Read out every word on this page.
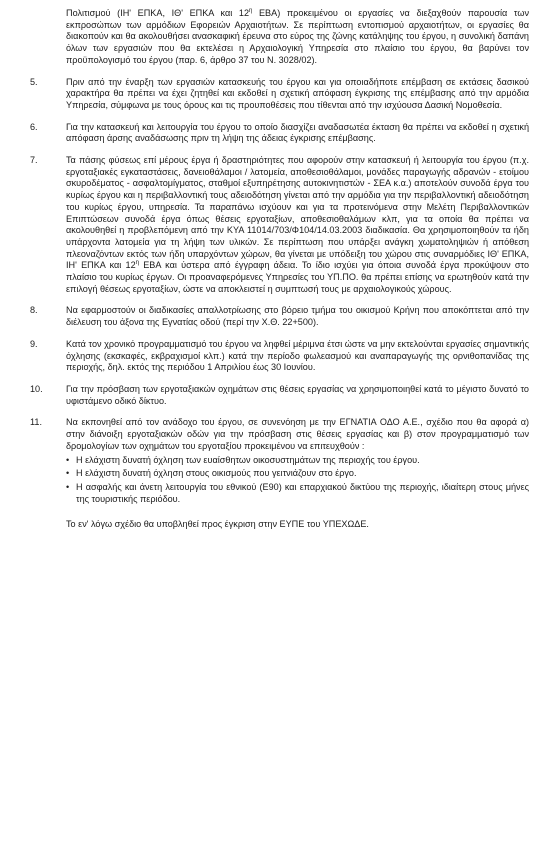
Πολιτισμού (ΙΗ' ΕΠΚΑ, ΙΘ' ΕΠΚΑ και $12^\eta$ ΕΒΑ) προκειμένου οι εργασίες να διεξαχθούν παρουσία των εκπροσώπων των αρμόδιων Εφορειών Αρχαιοτήτων. Σε περίπτωση εντοπισμού αρχαιοτήτων, οι εργασίες θα διακοπούν και θα ακολουθήσει ανασκαφική έρευνα στο εύρος της ζώνης κατάληψης του έργου, η συνολική δαπάνη όλων των εργασιών που θα εκτελέσει η Αρχαιολογική Υπηρεσία στο πλαίσιο του έργου, θα βαρύνει τον προϋπολογισμό του έργου (παρ. 6, άρθρο 37 του Ν. 3028/02).

5.	Πριν από την έναρξη των εργασιών κατασκευής του έργου και για οποιαδήποτε επέμβαση σε εκτάσεις δασικού χαρακτήρα θα πρέπει να έχει ζητηθεί και εκδοθεί η σχετική απόφαση έγκρισης της επέμβασης από την αρμόδια Υπηρεσία, σύμφωνα με τους όρους και τις προυποθέσεις που τίθενται από την ισχύουσα Δασική Νομοθεσία.

6.	Για την κατασκευή και λειτουργία του έργου το οποίο διασχίζει αναδασωτέα έκταση θα πρέπει να εκδοθεί η σχετική απόφαση άρσης αναδάσωσης πριν τη λήψη της άδειας έγκρισης επέμβασης.

7.	Τα πάσης φύσεως επί μέρους έργα ή δραστηριότητες που αφορούν στην κατασκευή ή λειτουργία του έργου (π.χ. εργοταξιακές εγκαταστάσεις, δανειοθάλαμοι / λατομεία, αποθεσιοθάλαμοι, μονάδες παραγωγής αδρανών - ετοίμου σκυροδέματος - ασφαλτομίγματος, σταθμοί εξυπηρέτησης αυτοκινητιστών - ΣΕΑ κ.α.) αποτελούν συνοδά έργα του κυρίως έργου και η περιβαλλοντική τους αδειοδότηση γίνεται από την αρμόδια για την περιβαλλοντική αδειοδότηση του κυρίως έργου, υπηρεσία. Τα παραπάνω ισχύουν και για τα προτεινόμενα στην Μελέτη Περιβαλλοντικών Επιπτώσεων συνοδά έργα όπως θέσεις εργοταξίων, αποθεσιοθαλάμων κλπ, για τα οποία θα πρέπει να ακολουθηθεί η προβλεπόμενη από την ΚΥΑ 11014/703/Φ104/14.03.2003 διαδικασία. Θα χρησιμοποιηθούν τα ήδη υπάρχοντα λατομεία για τη λήψη των υλικών. Σε περίπτωση που υπάρξει ανάγκη χωματοληψιών ή απόθεση πλεοναζόντων εκτός των ήδη υπαρχόντων χώρων, θα γίνεται με υπόδειξη του χώρου στις συναρμόδιες ΙΘ' ΕΠΚΑ, ΙΗ' ΕΠΚΑ και $12^\eta$ ΕΒΑ και ύστερα από έγγραφη άδεια. Το ίδιο ισχύει για όποια συνοδά έργα προκύψουν στο πλαίσιο του κυρίως έργων. Οι προαναφερόμενες Υπηρεσίες του ΥΠ.ΠΟ. θα πρέπει επίσης να ερωτηθούν κατά την επιλογή θέσεως εργοταξίων, ώστε να αποκλειστεί η συμπτωσή τους με αρχαιολογικούς χώρους.

8.	Να εφαρμοστούν οι διαδικασίες απαλλοτρίωσης στο βόρειο τμήμα του οικισμού Κρήνη που αποκόπτεται από την διέλευση του άξονα της Εγνατίας οδού (περί την Χ.Θ. 22+500).

9.	Κατά τον χρονικό προγραμματισμό του έργου να ληφθεί μέριμνα έτσι ώστε να μην εκτελούνται εργασίες σημαντικής όχλησης (εκσκαφές, εκβραχισμοί κλπ.) κατά την περίοδο φωλεασμού και αναπαραγωγής της ορνιθοπανίδας της περιοχής, δηλ. εκτός της περιόδου 1 Απριλίου έως 30 Ιουνίου.

10.	Για την πρόσβαση των εργοταξιακών οχημάτων στις θέσεις εργασίας να χρησιμοποιηθεί κατά το μέγιστο δυνατό το υφιστάμενο οδικό δίκτυο.

11.	Να εκπονηθεί από τον ανάδοχο του έργου, σε συνενόηση με την ΕΓΝΑΤΙΑ ΟΔΟ Α.Ε., σχέδιο που θα αφορά α) στην διάνοιξη εργοταξιακών οδών για την πρόσβαση στις θέσεις εργασίας και β) στον προγραμματισμό των δρομολογίων των οχημάτων του εργοταξίου προκειμένου να επιτευχθούν :

• Η ελάχιστη δυνατή όχληση των ευαίσθητων οικοσυστημάτων της περιοχής του έργου.
• Η ελάχιστη δυνατή όχληση στους οικισμούς που γειτνιάζουν στο έργο.
• Η ασφαλής και άνετη λειτουργία του εθνικού (Ε90) και επαρχιακού δικτύου της περιοχής, ιδιαίτερη στους μήνες της τουριστικής περιόδου.

Το εν' λόγω σχέδιο θα υποβληθεί προς έγκριση στην ΕΥΠΕ του ΥΠΕΧΩΔΕ.
